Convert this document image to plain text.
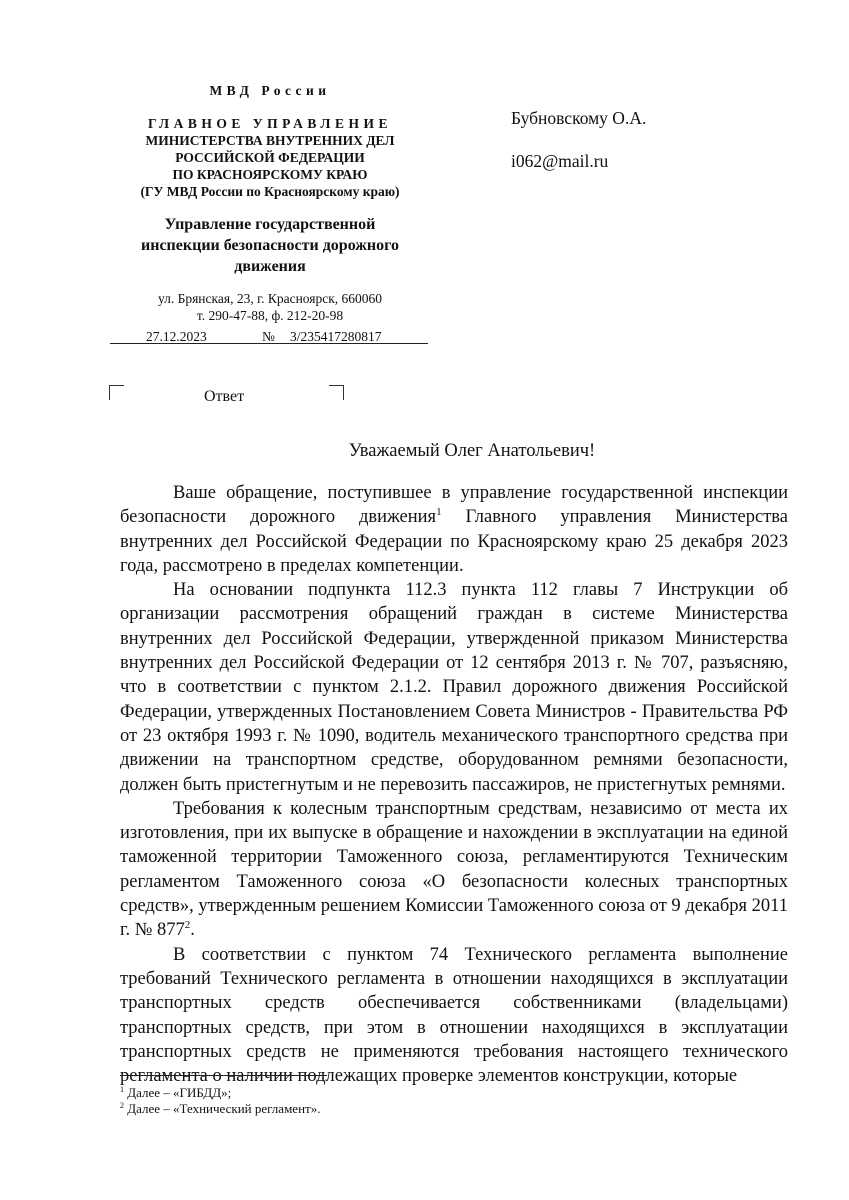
МВД России
ГЛАВНОЕ УПРАВЛЕНИЕ
МИНИСТЕРСТВА ВНУТРЕННИХ ДЕЛ
РОССИЙСКОЙ ФЕДЕРАЦИИ
ПО КРАСНОЯРСКОМУ КРАЮ
(ГУ МВД России по Красноярскому краю)
Управление государственной
инспекции безопасности дорожного
движения
ул. Брянская, 23, г. Красноярск, 660060
т. 290-47-88, ф. 212-20-98
27.12.2023	№ 3/235417280817
Ответ
Бубновскому О.А.
i062@mail.ru
Уважаемый Олег Анатольевич!

Ваше обращение, поступившее в управление государственной инспекции безопасности дорожного движения$^1$ Главного управления Министерства внутренних дел Российской Федерации по Красноярскому краю 25 декабря 2023 года, рассмотрено в пределах компетенции.

На основании подпункта 112.3 пункта 112 главы 7 Инструкции об организации рассмотрения обращений граждан в системе Министерства внутренних дел Российской Федерации, утвержденной приказом Министерства внутренних дел Российской Федерации от 12 сентября 2013 г. № 707, разъясняю, что в соответствии с пунктом 2.1.2. Правил дорожного движения Российской Федерации, утвержденных Постановлением Совета Министров - Правительства РФ от 23 октября 1993 г. № 1090, водитель механического транспортного средства при движении на транспортном средстве, оборудованном ремнями безопасности, должен быть пристегнутым и не перевозить пассажиров, не пристегнутых ремнями.

Требования к колесным транспортным средствам, независимо от места их изготовления, при их выпуске в обращение и нахождении в эксплуатации на единой таможенной территории Таможенного союза, регламентируются Техническим регламентом Таможенного союза «О безопасности колесных транспортных средств», утвержденным решением Комиссии Таможенного союза от 9 декабря 2011 г. № $877^2$.

В соответствии с пунктом 74 Технического регламента выполнение требований Технического регламента в отношении находящихся в эксплуатации транспортных средств обеспечивается собственниками (владельцами) транспортных средств, при этом в отношении находящихся в эксплуатации транспортных средств не применяются требования настоящего технического регламента о наличии подлежащих проверке элементов конструкции, которые

$^1$ Далее – «ГИБДД»;
$^2$ Далее – «Технический регламент».
